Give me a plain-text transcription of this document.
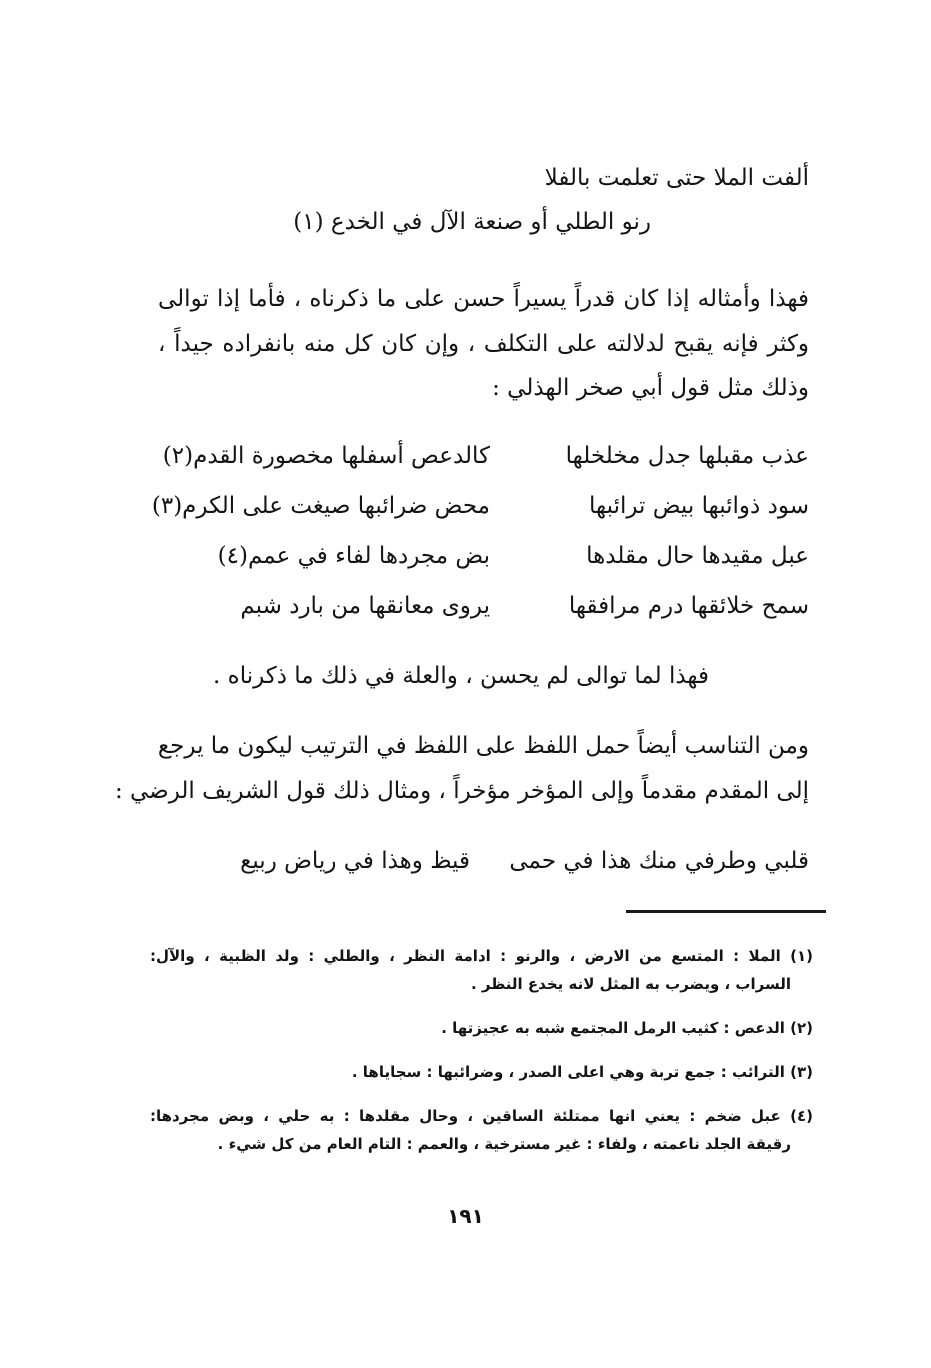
ألفت الملا حتى تعلمت بالفلا
رنو الطلي أو صنعة الآل في الخدع (١)
فهذا وأمثاله إذا كان قدراً يسيراً حسن على ما ذكرناه ، فأما إذا توالى
وكثر فإنه يقبح لدلالته على التكلف ، وإن كان كل منه بانفراده جيداً ،
وذلك مثل قول أبي صخر الهذلي :
عذب مقبلها جدل مخلخلها
كالدعص أسفلها مخصورة القدم(٢)
سود ذوائبها بيض ترائبها
محض ضرائبها صيغت على الكرم(٣)
عبل مقيدها حال مقلدها
بض مجردها لفاء في عمم(٤)
سمح خلائقها درم مرافقها
يروى معانقها من بارد شبم
فهذا لما توالى لم يحسن ، والعلة في ذلك ما ذكرناه .
ومن التناسب أيضاً حمل اللفظ على اللفظ في الترتيب ليكون ما يرجع
إلى المقدم مقدماً وإلى المؤخر مؤخراً ، ومثال ذلك قول الشريف الرضي :
قلبي وطرفي منك هذا في حمى
قيظ وهذا في رياض ربيع
(١) الملا : المتسع من الارض ، والرنو : ادامة النظر ، والطلي : ولد الظبية ، والآل:
السراب ، ويضرب به المثل لانه يخدع النظر .
(٢) الدعص : كثيب الرمل المجتمع شبه به عجيزتها .
(٣) الترائب : جمع تربة وهي اعلى الصدر ، وضرائبها : سجاياها .
(٤) عبل ضخم : يعني انها ممتلئة الساقين ، وحال مقلدها : به حلي ، وبض مجردها:
رقيقة الجلد ناعمته ، ولفاء : غير مسترخية ، والعمم : التام العام من كل شيء .
١٩١
